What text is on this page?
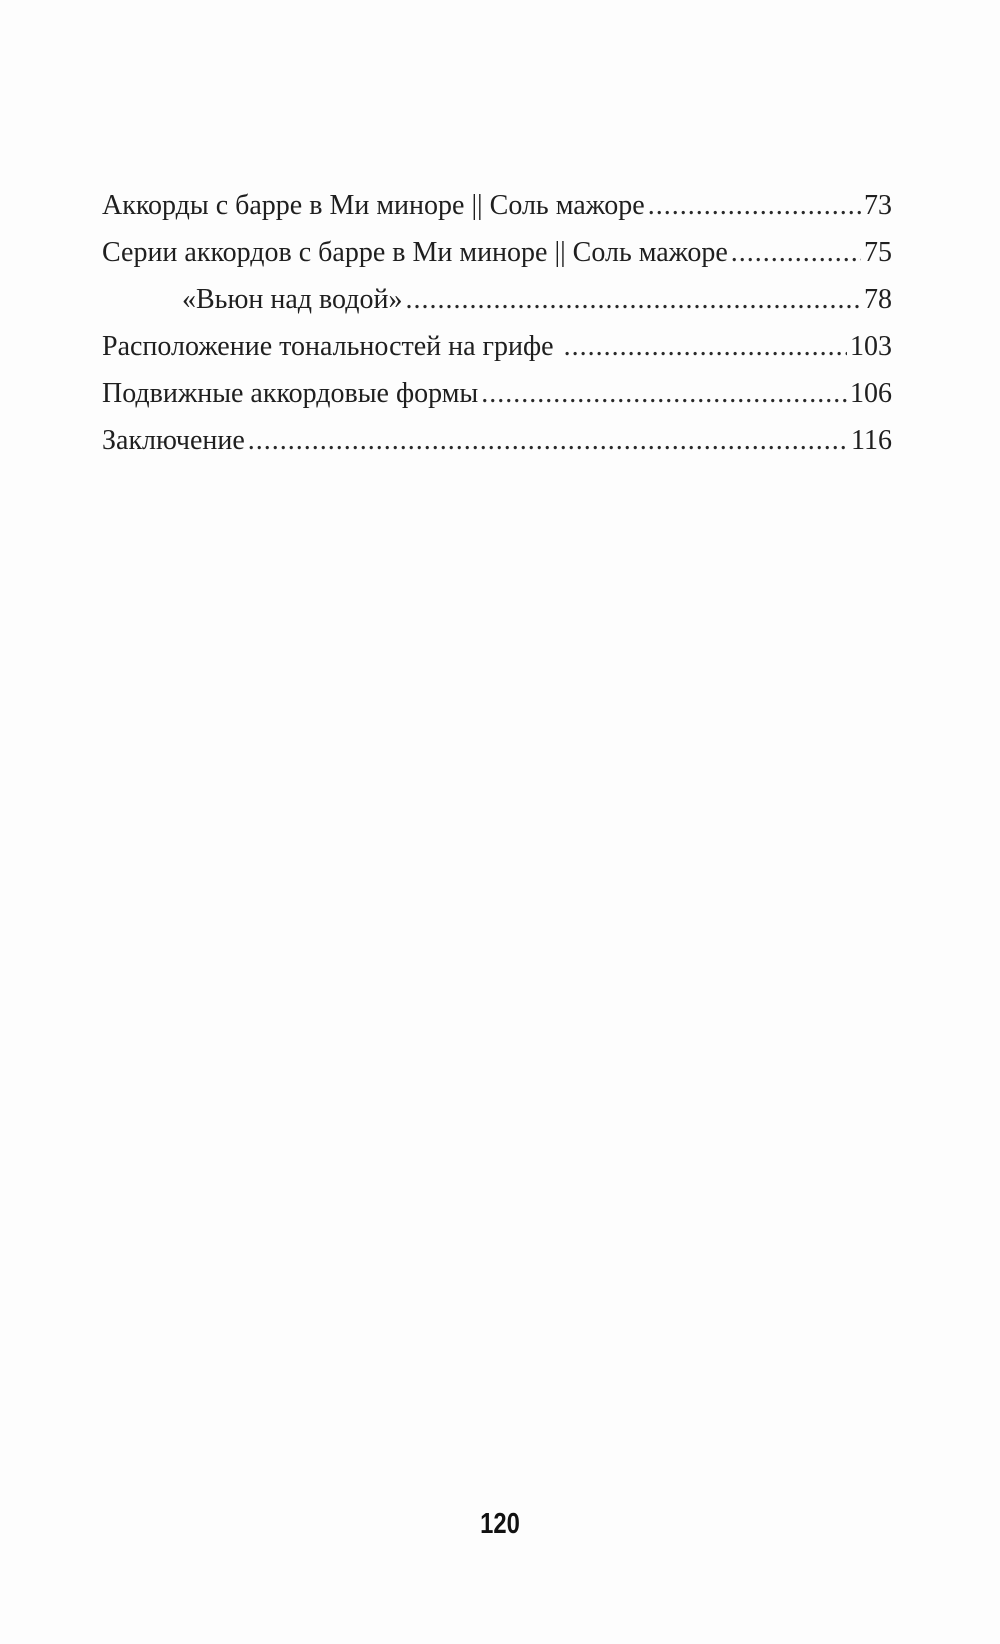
Аккорды с барре в Ми миноре || Соль мажоре .....	73
Серии аккордов с барре в Ми миноре || Соль мажоре .....	75
«Вьюн над водой» .....	78
Расположение тональностей на грифе .....	103
Подвижные аккордовые формы .....	106
Заключение .....	116
120
